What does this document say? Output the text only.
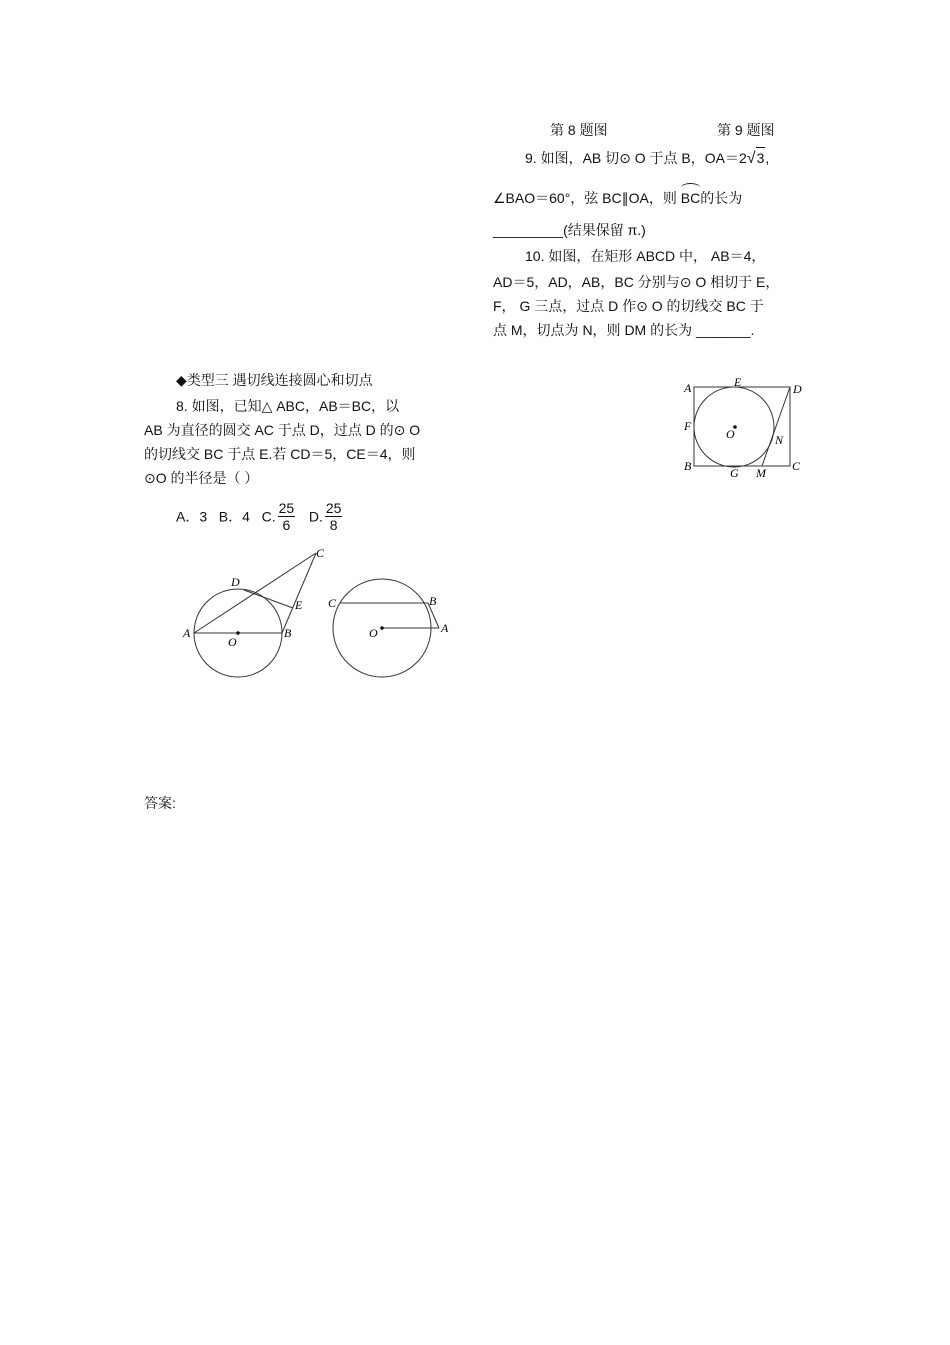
第 8 题图	第 9 题图
9. 如图，AB 切⊙ O 于点 B，OA＝2√3,
∠BAO＝60°，弦 BC∥OA，则 BC的长为
_________(结果保留 π.)
10. 如图，在矩形 ABCD 中， AB＝4，
AD＝5，AD，AB，BC 分别与⊙ O 相切于 E，
F， G 三点，过点 D 作⊙ O 的切线交 BC 于
点 M，切点为 N，则 DM 的长为 _______.
◆类型三 遇切线连接圆心和切点
8. 如图，已知△ ABC，AB＝BC，以
AB 为直径的圆交 AC 于点 D，过点 D 的⊙ O
的切线交 BC 于点 E.若 CD＝5，CE＝4，则
⊙O 的半径是（ ）
A．3 B．4 C. $\frac{25}{6} D$. $\frac{25}{8}$
A	B
C
D
E
O
C	B
A
O
A	E	D
F
O	N
B	G M C
答案:
